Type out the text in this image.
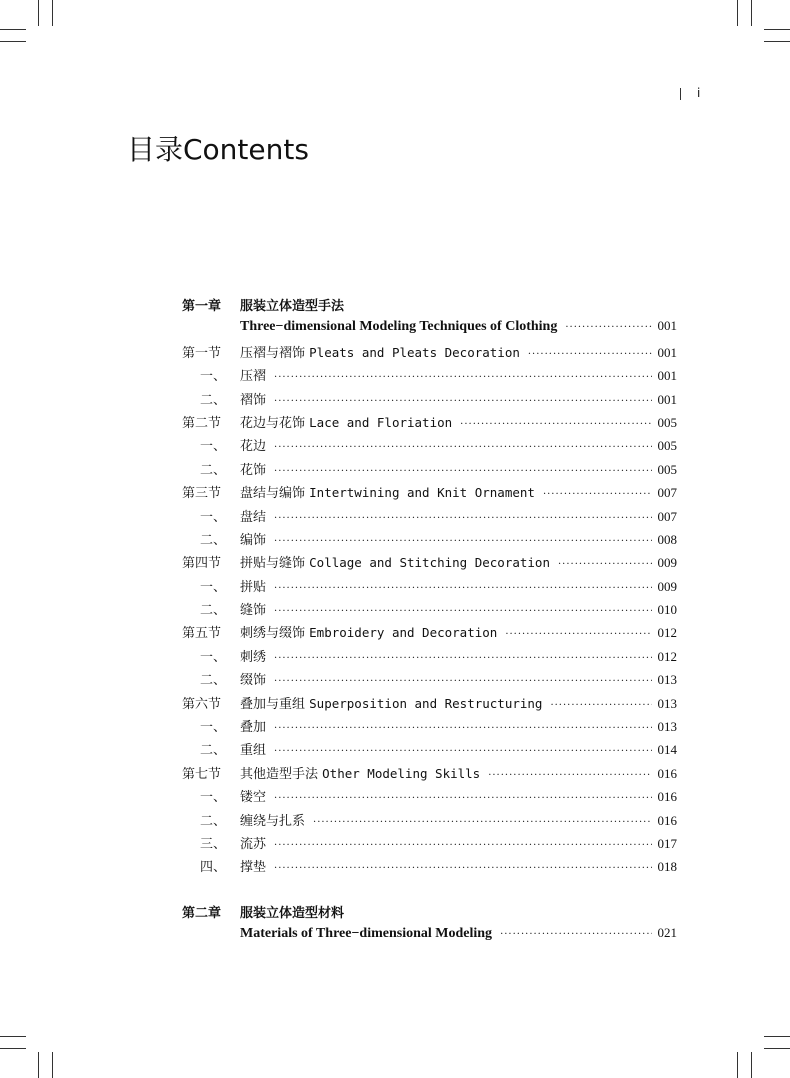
i
目录Contents
第一章	服装立体造型手法
Three−dimensional Modeling Techniques of Clothing ·····	001
第一节	压褶与褶饰 Pleats and Pleats Decoration ·····	001
一、	压褶 ·····	001
二、	褶饰 ·····	001
第二节	花边与花饰 Lace and Floriation ·····	005
一、	花边 ·····	005
二、	花饰 ·····	005
第三节	盘结与编饰 Intertwining and Knit Ornament ·····	007
一、	盘结 ·····	007
二、	编饰 ·····	008
第四节	拼贴与缝饰 Collage and Stitching Decoration ·····	009
一、	拼贴 ·····	009
二、	缝饰 ·····	010
第五节	刺绣与缀饰 Embroidery and Decoration ·····	012
一、	刺绣 ·····	012
二、	缀饰 ·····	013
第六节	叠加与重组 Superposition and Restructuring ·····	013
一、	叠加 ·····	013
二、	重组 ·····	014
第七节	其他造型手法 Other Modeling Skills ·····	016
一、	镂空 ·····	016
二、	缠绕与扎系 ·····	016
三、	流苏 ·····	017
四、	撑垫 ·····	018
第二章	服装立体造型材料
Materials of Three−dimensional Modeling ·····	021
